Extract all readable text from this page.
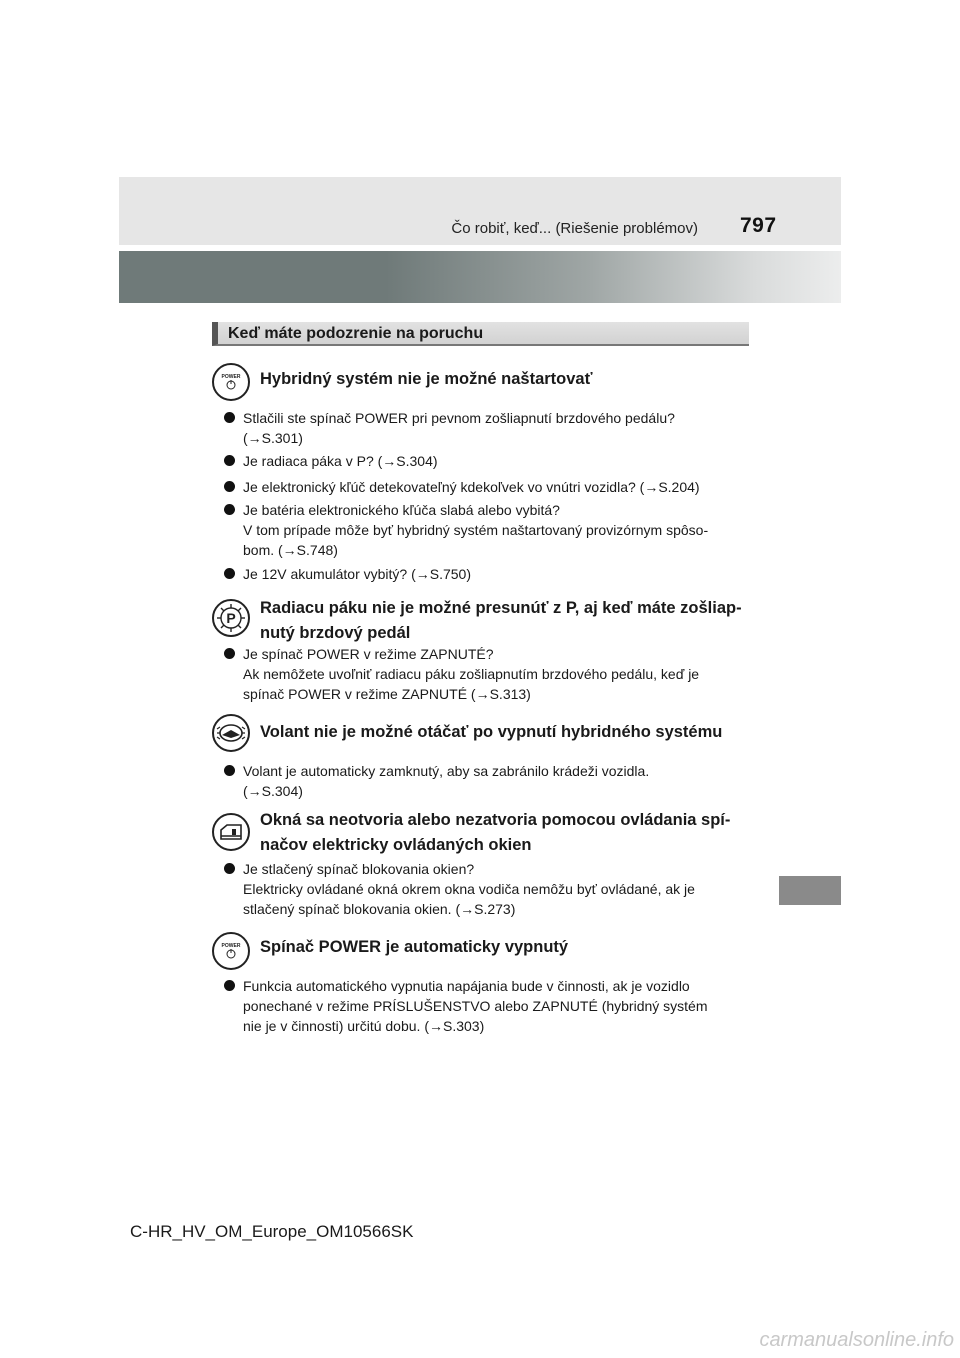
797
Čo robiť, keď... (Riešenie problémov)
Keď máte podozrenie na poruchu
POWER Hybridný systém nie je možné naštartovať
Stlačili ste spínač POWER pri pevnom zošliapnutí brzdového pedálu?
(→S.301)
Je radiaca páka v P? (→S.304)
Je elektronický kľúč detekovateľný kdekoľvek vo vnútri vozidla? (→S.204)
Je batéria elektronického kľúča slabá alebo vybitá?
V tom prípade môže byť hybridný systém naštartovaný provizórnym spôso-
bom. (→S.748)
Je 12V akumulátor vybitý? (→S.750)
P
Radiacu páku nie je možné presunúť z P, aj keď máte zošliap-
nutý brzdový pedál
Je spínač POWER v režime ZAPNUTÉ?
Ak nemôžete uvoľniť radiacu páku zošliapnutím brzdového pedálu, keď je
spínač POWER v režime ZAPNUTÉ (→S.313)
Volant nie je možné otáčať po vypnutí hybridného systému
Volant je automaticky zamknutý, aby sa zabránilo krádeži vozidla.
(→S.304)
Okná sa neotvoria alebo nezatvoria pomocou ovládania spí-
načov elektricky ovládaných okien
Je stlačený spínač blokovania okien?
Elektricky ovládané okná okrem okna vodiča nemôžu byť ovládané, ak je
stlačený spínač blokovania okien. (→S.273)
POWER Spínač POWER je automaticky vypnutý
Funkcia automatického vypnutia napájania bude v činnosti, ak je vozidlo
ponechané v režime PRÍSLUŠENSTVO alebo ZAPNUTÉ (hybridný systém
nie je v činnosti) určitú dobu. (→S.303)
C-HR_HV_OM_Europe_OM10566SK
carmanualsonline.info
